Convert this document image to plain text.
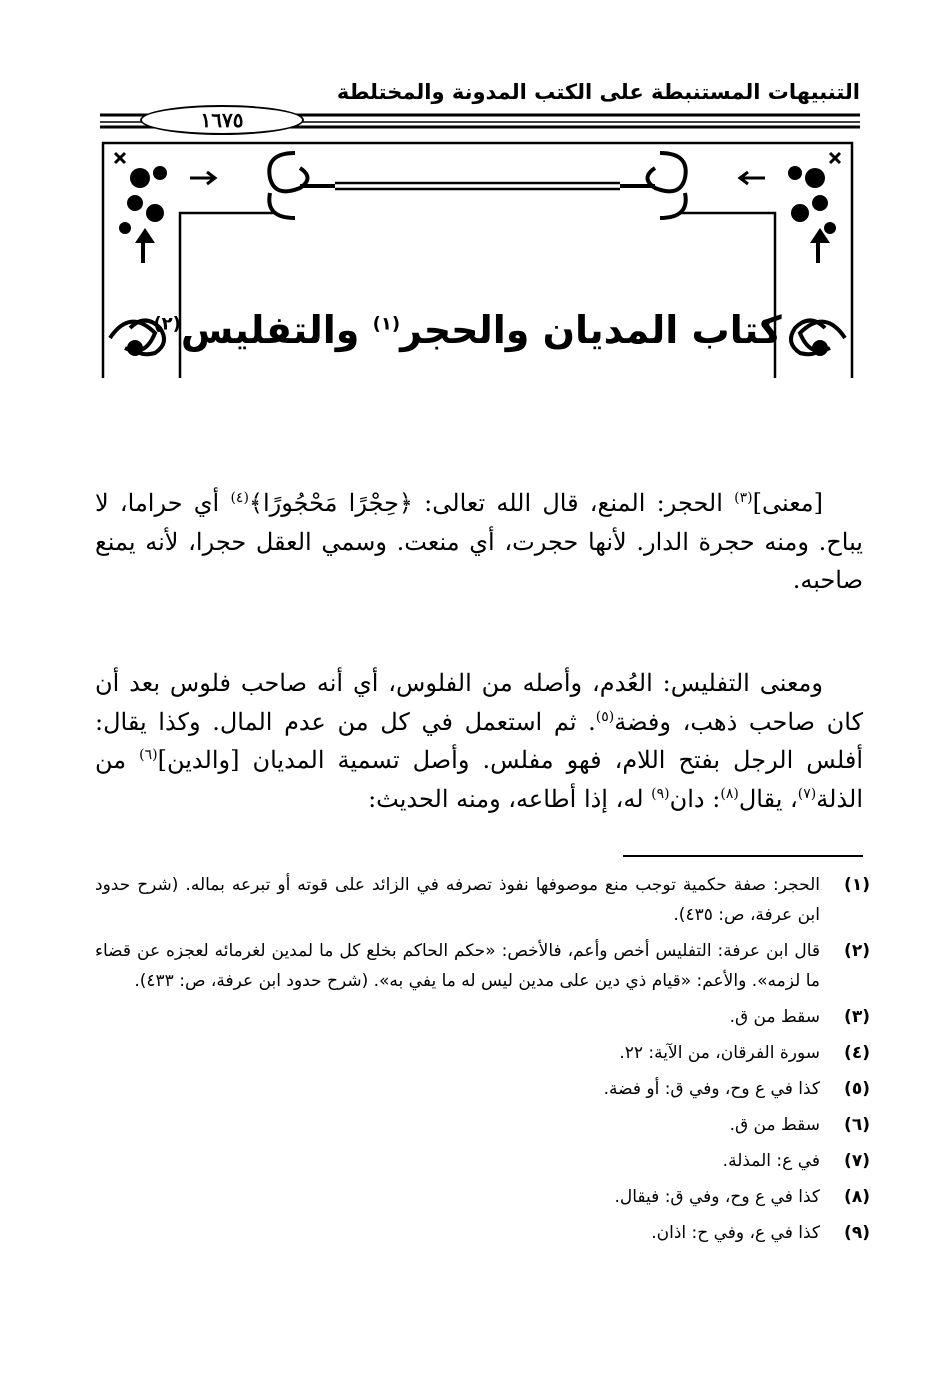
التنبيهات المستنبطة على الكتب المدونة والمختلطة
١٦٧٥
كتاب المديان والحجر$^{(١)}$ والتفليس$^{(٢)}$
[معنى]$^{(٣)}$ الحجر: المنع، قال الله تعالى: ﴿حِجْرًا مَحْجُورًا﴾$^{(٤)}$ أي حراما، لا يباح. ومنه حجرة الدار. لأنها حجرت، أي منعت. وسمي العقل حجرا، لأنه يمنع صاحبه.
ومعنى التفليس: العُدم، وأصله من الفلوس، أي أنه صاحب فلوس بعد أن كان صاحب ذهب، وفضة$^{(٥)}$. ثم استعمل في كل من عدم المال. وكذا يقال: أفلس الرجل بفتح اللام، فهو مفلس. وأصل تسمية المديان [والدين]$^{(٦)}$ من الذلة$^{(٧)}$، يقال$^{(٨)}$: دان$^{(٩)}$ له، إذا أطاعه، ومنه الحديث:
(١)
الحجر: صفة حكمية توجب منع موصوفها نفوذ تصرفه في الزائد على قوته أو تبرعه بماله. (شرح حدود ابن عرفة، ص: ٤٣٥).
(٢)
قال ابن عرفة: التفليس أخص وأعم، فالأخص: «حكم الحاكم بخلع كل ما لمدين لغرمائه لعجزه عن قضاء ما لزمه». والأعم: «قيام ذي دين على مدين ليس له ما يفي به». (شرح حدود ابن عرفة، ص: ٤٣٣).
(٣)
سقط من ق.
(٤)
سورة الفرقان، من الآية: ٢٢.
(٥)
كذا في ع وح، وفي ق: أو فضة.
(٦)
سقط من ق.
(٧)
في ع: المذلة.
(٨)
كذا في ع وح، وفي ق: فيقال.
(٩)
كذا في ع، وفي ح: اذان.
